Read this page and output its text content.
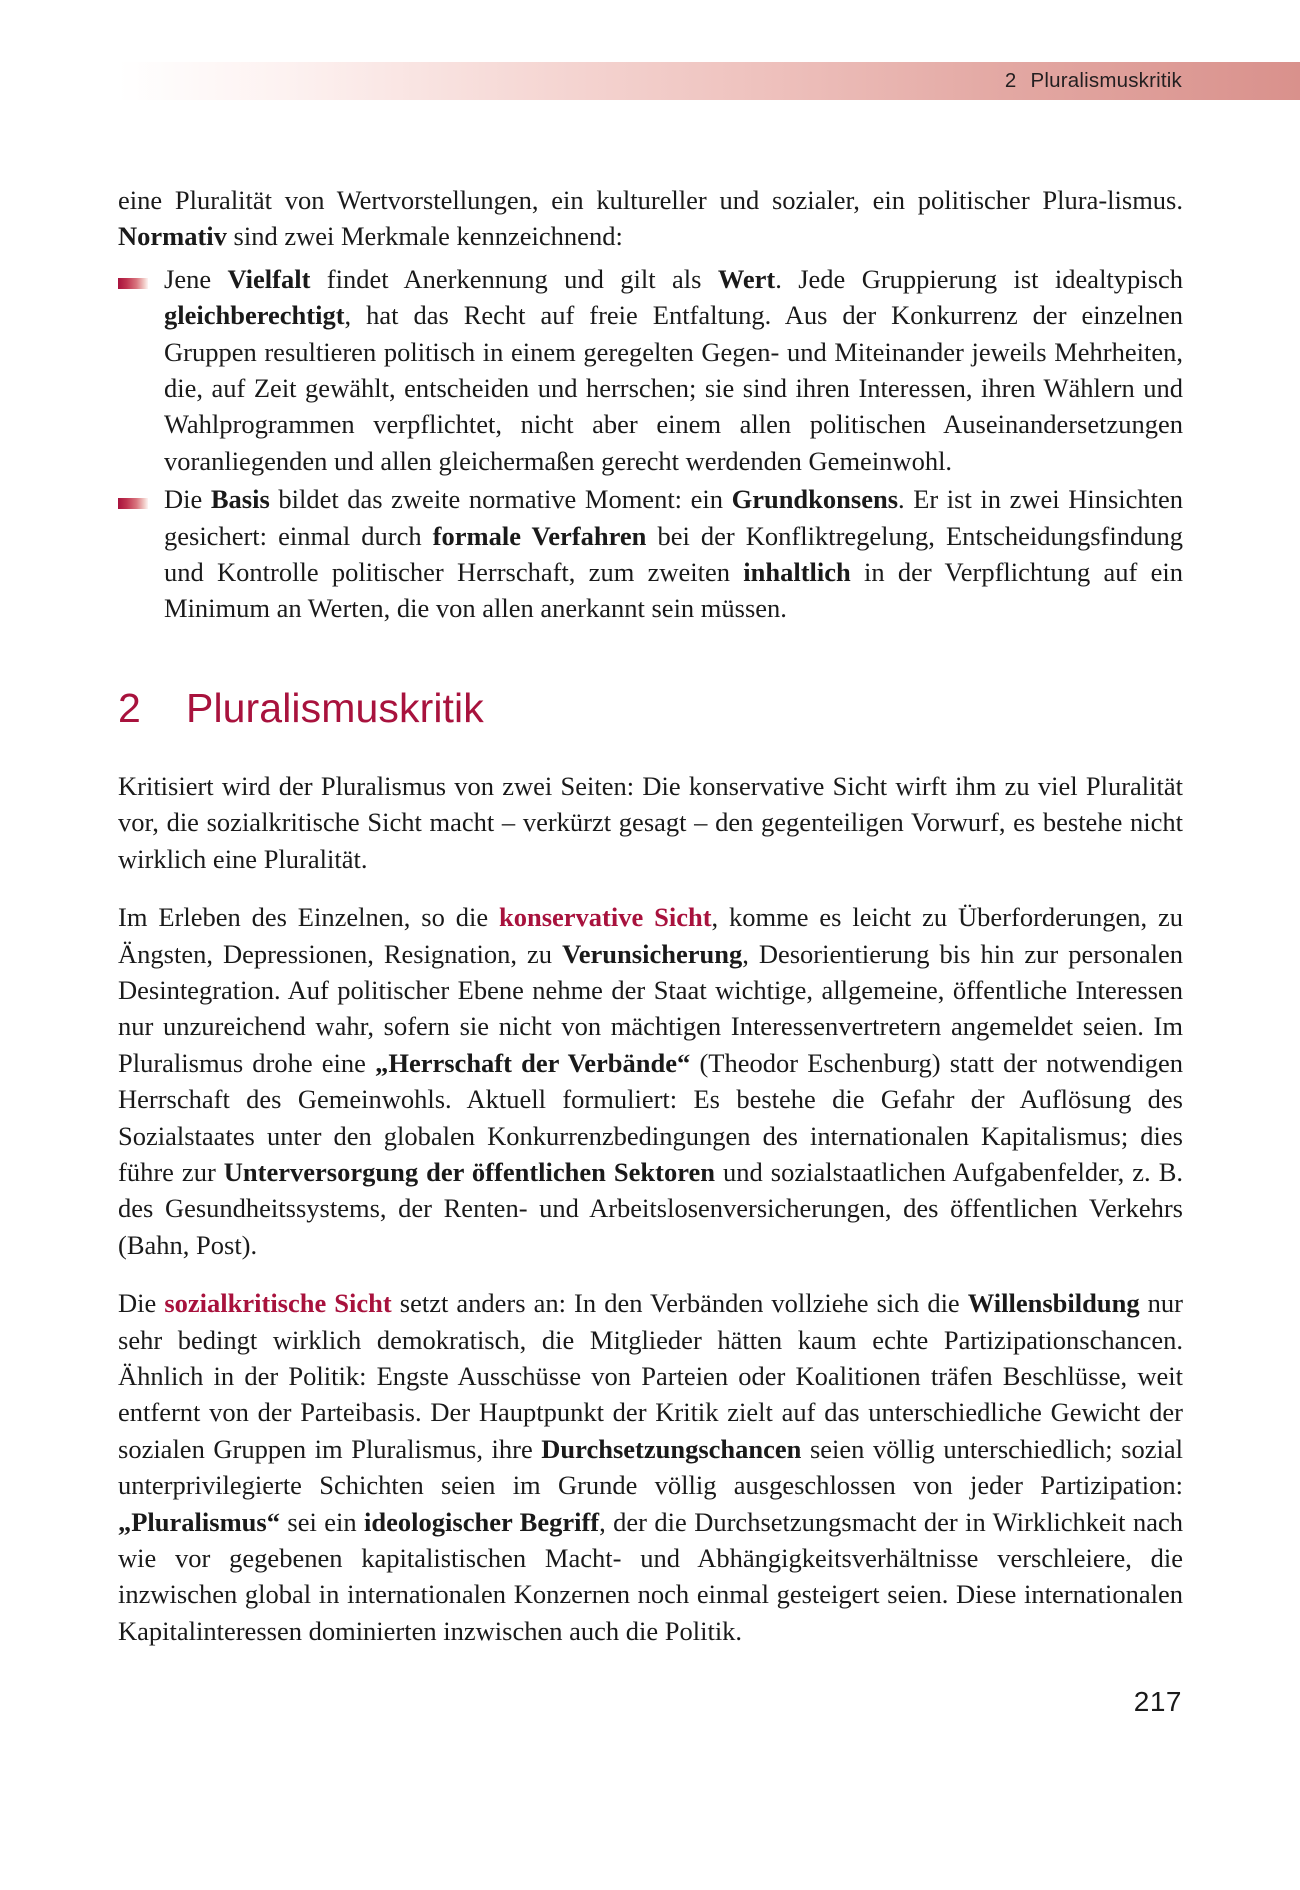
2 Pluralismuskritik

eine Pluralität von Wertvorstellungen, ein kultureller und sozialer, ein politischer Plura-lismus. Normativ sind zwei Merkmale kennzeichnend:

Jene Vielfalt findet Anerkennung und gilt als Wert. Jede Gruppierung ist idealtypisch gleichberechtigt, hat das Recht auf freie Entfaltung. Aus der Konkurrenz der einzelnen Gruppen resultieren politisch in einem geregelten Gegen- und Miteinander jeweils Mehrheiten, die, auf Zeit gewählt, entscheiden und herrschen; sie sind ihren Interessen, ihren Wählern und Wahlprogrammen verpflichtet, nicht aber einem allen politischen Auseinandersetzungen voranliegenden und allen gleichermaßen gerecht werdenden Gemeinwohl.
Die Basis bildet das zweite normative Moment: ein Grundkonsens. Er ist in zwei Hinsichten gesichert: einmal durch formale Verfahren bei der Konfliktregelung, Entscheidungsfindung und Kontrolle politischer Herrschaft, zum zweiten inhaltlich in der Verpflichtung auf ein Minimum an Werten, die von allen anerkannt sein müssen.
2	Pluralismuskritik

Kritisiert wird der Pluralismus von zwei Seiten: Die konservative Sicht wirft ihm zu viel Pluralität vor, die sozialkritische Sicht macht – verkürzt gesagt – den gegenteiligen Vorwurf, es bestehe nicht wirklich eine Pluralität.

Im Erleben des Einzelnen, so die konservative Sicht, komme es leicht zu Überforderungen, zu Ängsten, Depressionen, Resignation, zu Verunsicherung, Desorientierung bis hin zur personalen Desintegration. Auf politischer Ebene nehme der Staat wichtige, allgemeine, öffentliche Interessen nur unzureichend wahr, sofern sie nicht von mächtigen Interessenvertretern angemeldet seien. Im Pluralismus drohe eine „Herrschaft der Verbände“ (Theodor Eschenburg) statt der notwendigen Herrschaft des Gemeinwohls. Aktuell formuliert: Es bestehe die Gefahr der Auflösung des Sozialstaates unter den globalen Konkurrenzbedingungen des internationalen Kapitalismus; dies führe zur Unterversorgung der öffentlichen Sektoren und sozialstaatlichen Aufgabenfelder, z. B. des Gesundheitssystems, der Renten- und Arbeitslosenversicherungen, des öffentlichen Verkehrs (Bahn, Post).

Die sozialkritische Sicht setzt anders an: In den Verbänden vollziehe sich die Willensbildung nur sehr bedingt wirklich demokratisch, die Mitglieder hätten kaum echte Partizipationschancen. Ähnlich in der Politik: Engste Ausschüsse von Parteien oder Koalitionen träfen Beschlüsse, weit entfernt von der Parteibasis. Der Hauptpunkt der Kritik zielt auf das unterschiedliche Gewicht der sozialen Gruppen im Pluralismus, ihre Durchsetzungschancen seien völlig unterschiedlich; sozial unterprivilegierte Schichten seien im Grunde völlig ausgeschlossen von jeder Partizipation: „Pluralismus“ sei ein ideologischer Begriff, der die Durchsetzungsmacht der in Wirklichkeit nach wie vor gegebenen kapitalistischen Macht- und Abhängigkeitsverhältnisse verschleiere, die inzwischen global in internationalen Konzernen noch einmal gesteigert seien. Diese internationalen Kapitalinteressen dominierten inzwischen auch die Politik.

217
